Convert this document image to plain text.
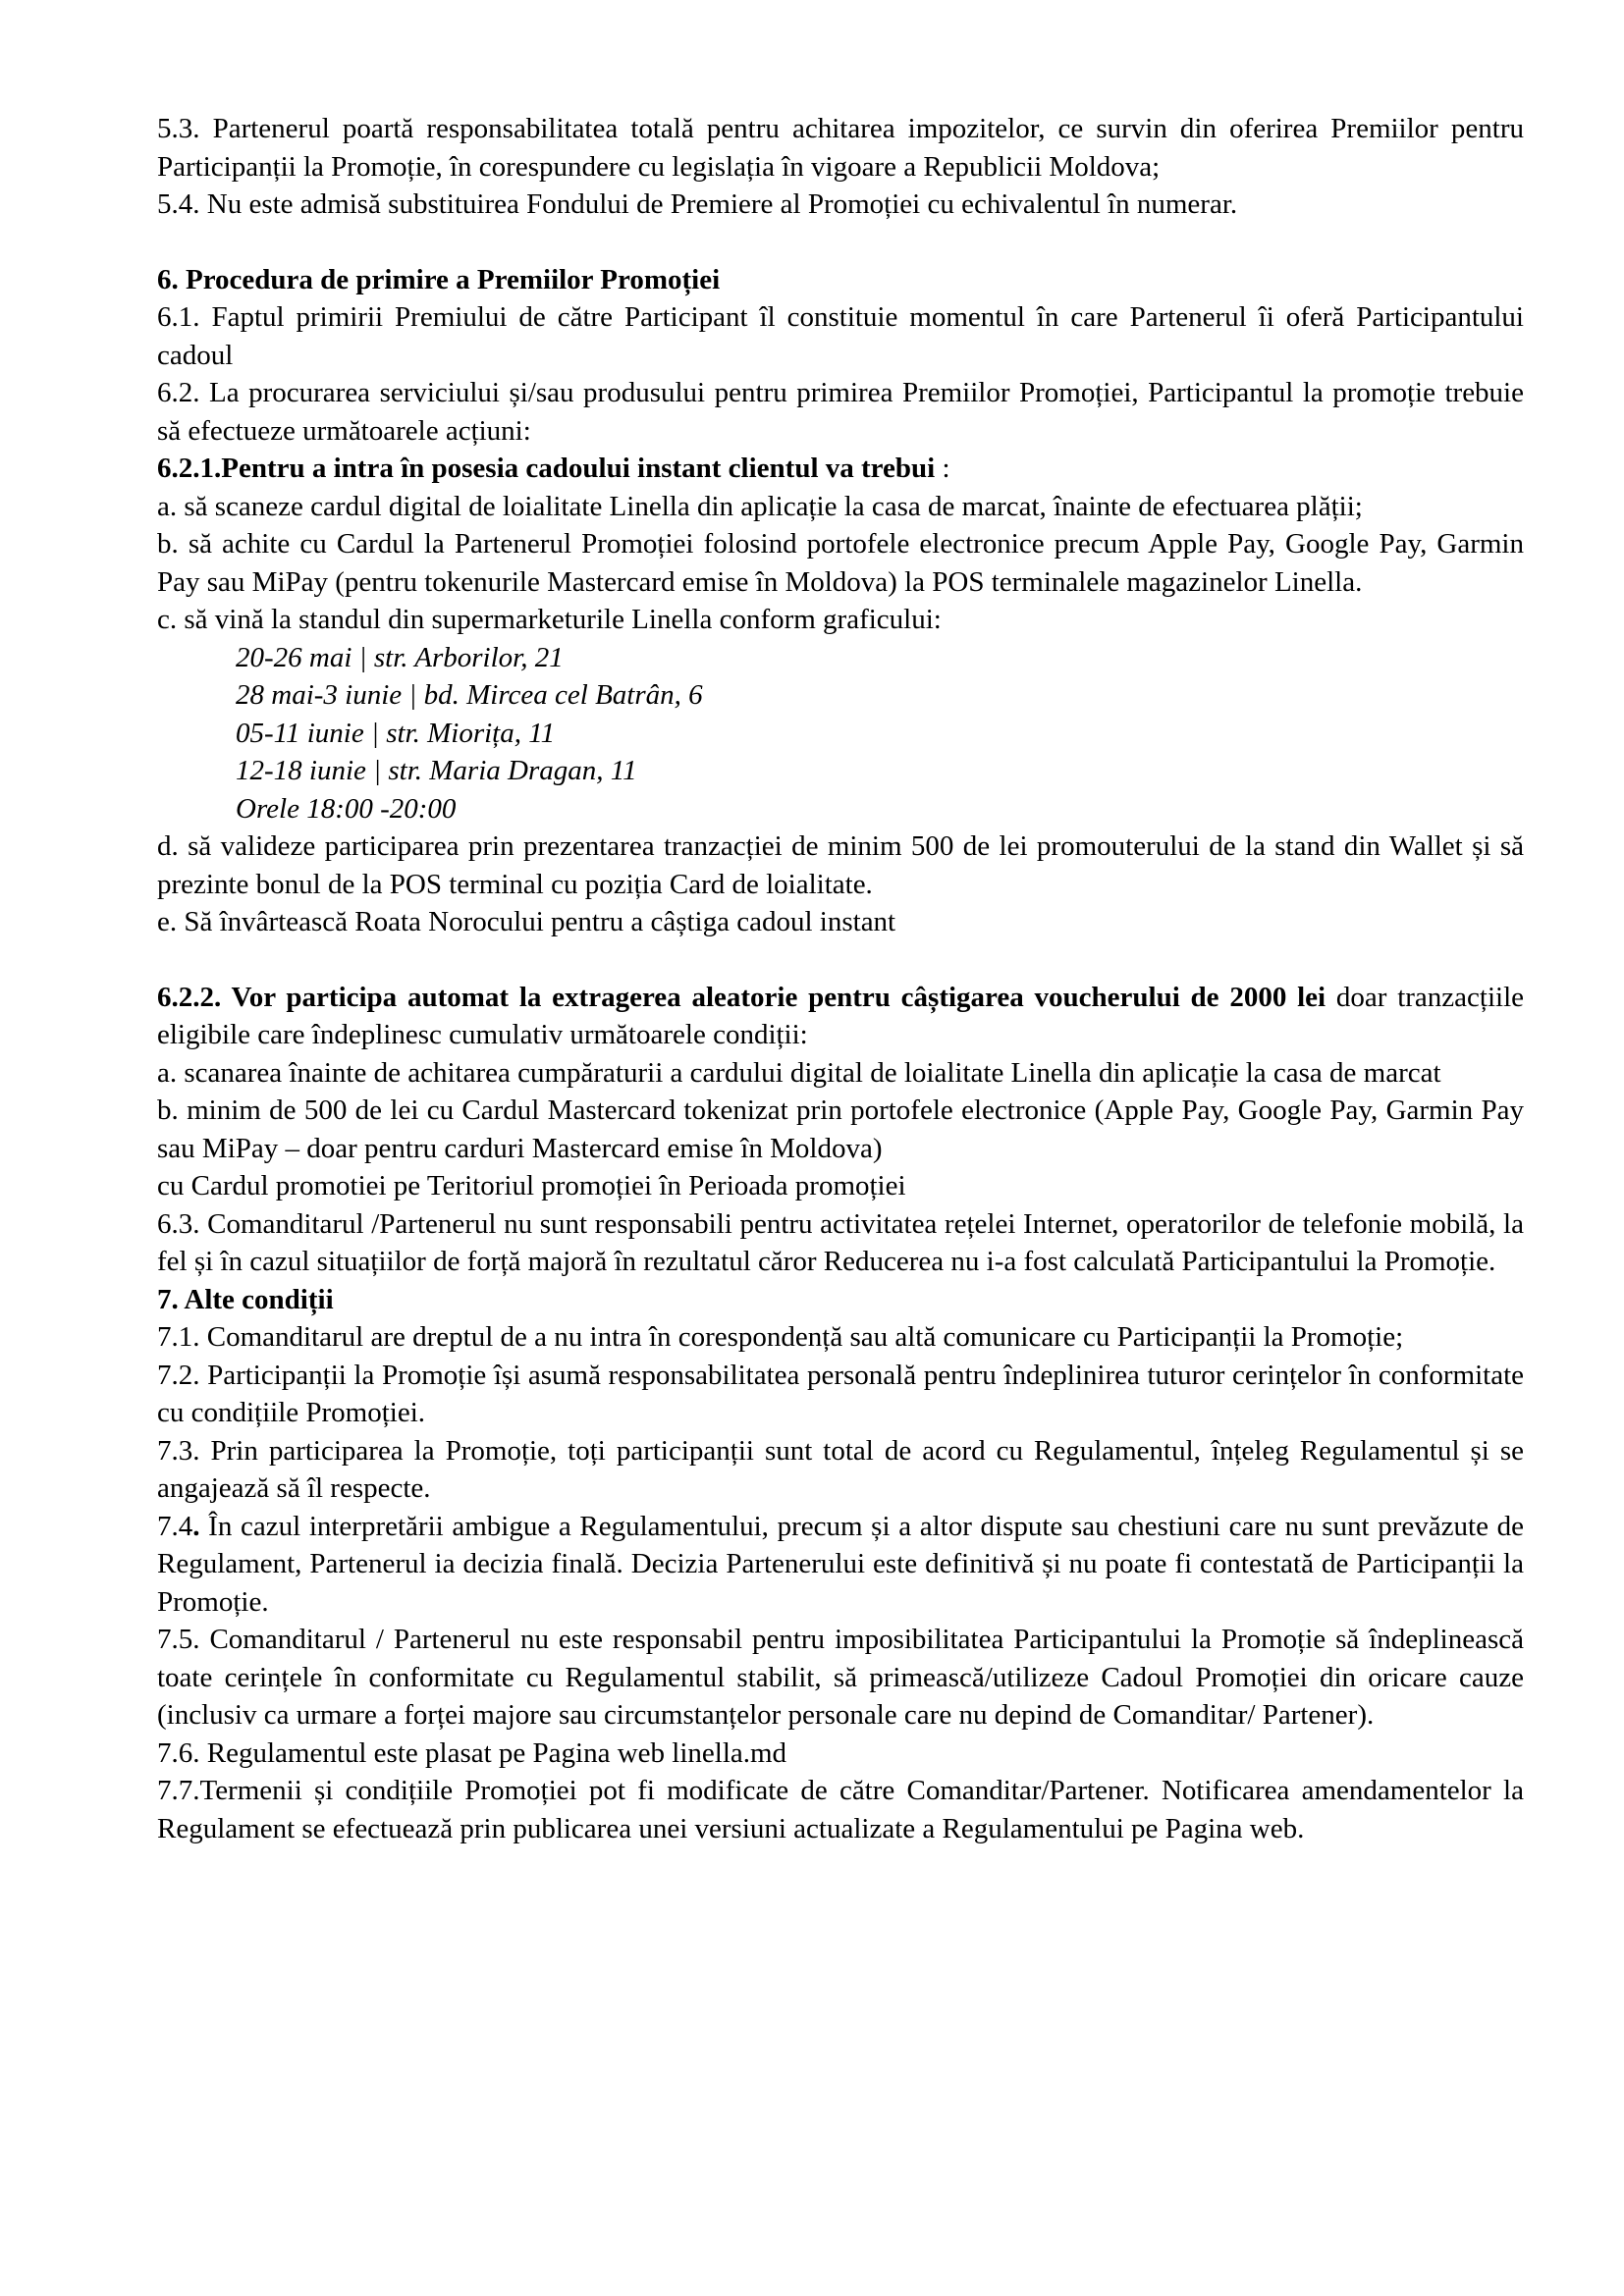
5.3. Partenerul poartă responsabilitatea totală pentru achitarea impozitelor, ce survin din oferirea Premiilor pentru Participanții la Promoție, în corespundere cu legislația în vigoare a Republicii Moldova;

5.4. Nu este admisă substituirea Fondului de Premiere al Promoției cu echivalentul în numerar.

6. Procedura de primire a Premiilor Promoției

6.1. Faptul primirii Premiului de către Participant îl constituie momentul în care Partenerul îi oferă Participantului cadoul

6.2. La procurarea serviciului și/sau produsului pentru primirea Premiilor Promoției, Participantul la promoție trebuie să efectueze următoarele acțiuni:

6.2.1.Pentru a intra în posesia cadoului instant clientul va trebui :

a. să scaneze cardul digital de loialitate Linella din aplicație la casa de marcat, înainte de efectuarea plății;

b. să achite cu Cardul la Partenerul Promoției folosind portofele electronice precum Apple Pay, Google Pay, Garmin Pay sau MiPay (pentru tokenurile Mastercard emise în Moldova) la POS terminalele magazinelor Linella.

c. să vină la standul din supermarketurile Linella conform graficului:

20-26 mai | str. Arborilor, 21

28 mai-3 iunie | bd. Mircea cel Batrân, 6

05-11 iunie | str. Miorița, 11

12-18 iunie | str. Maria Dragan, 11

Orele 18:00 -20:00

d. să valideze participarea prin prezentarea tranzacției de minim 500 de lei promouterului de la stand din Wallet și să prezinte bonul de la POS terminal cu poziția Card de loialitate.

e. Să învârtească Roata Norocului pentru a câștiga cadoul instant

6.2.2. Vor participa automat la extragerea aleatorie pentru câștigarea voucherului de 2000 lei doar tranzacțiile eligibile care îndeplinesc cumulativ următoarele condiții:

a. scanarea înainte de achitarea cumpăraturii a cardului digital de loialitate Linella din aplicație la casa de marcat

b. minim de 500 de lei cu Cardul Mastercard tokenizat prin portofele electronice (Apple Pay, Google Pay, Garmin Pay sau MiPay – doar pentru carduri Mastercard emise în Moldova)

cu Cardul promotiei pe Teritoriul promoției în Perioada promoției

6.3. Comanditarul /Partenerul nu sunt responsabili pentru activitatea rețelei Internet, operatorilor de telefonie mobilă, la fel și în cazul situațiilor de forță majoră în rezultatul căror Reducerea nu i-a fost calculată Participantului la Promoție.

7. Alte condiții

7.1. Comanditarul are dreptul de a nu intra în corespondență sau altă comunicare cu Participanții la Promoție;

7.2. Participanții la Promoție își asumă responsabilitatea personală pentru îndeplinirea tuturor cerințelor în conformitate cu condițiile Promoției.

7.3. Prin participarea la Promoție, toți participanții sunt total de acord cu Regulamentul, înțeleg Regulamentul și se angajează să îl respecte.

7.4. În cazul interpretării ambigue a Regulamentului, precum și a altor dispute sau chestiuni care nu sunt prevăzute de Regulament, Partenerul ia decizia finală. Decizia Partenerului este definitivă și nu poate fi contestată de Participanții la Promoție.

7.5. Comanditarul / Partenerul nu este responsabil pentru imposibilitatea Participantului la Promoție să îndeplinească toate cerințele în conformitate cu Regulamentul stabilit, să primească/utilizeze Cadoul Promoției din oricare cauze (inclusiv ca urmare a forței majore sau circumstanțelor personale care nu depind de Comanditar/ Partener).

7.6. Regulamentul este plasat pe Pagina web linella.md

7.7.Termenii și condițiile Promoției pot fi modificate de către Comanditar/Partener. Notificarea amendamentelor la Regulament se efectuează prin publicarea unei versiuni actualizate a Regulamentului pe Pagina web.
